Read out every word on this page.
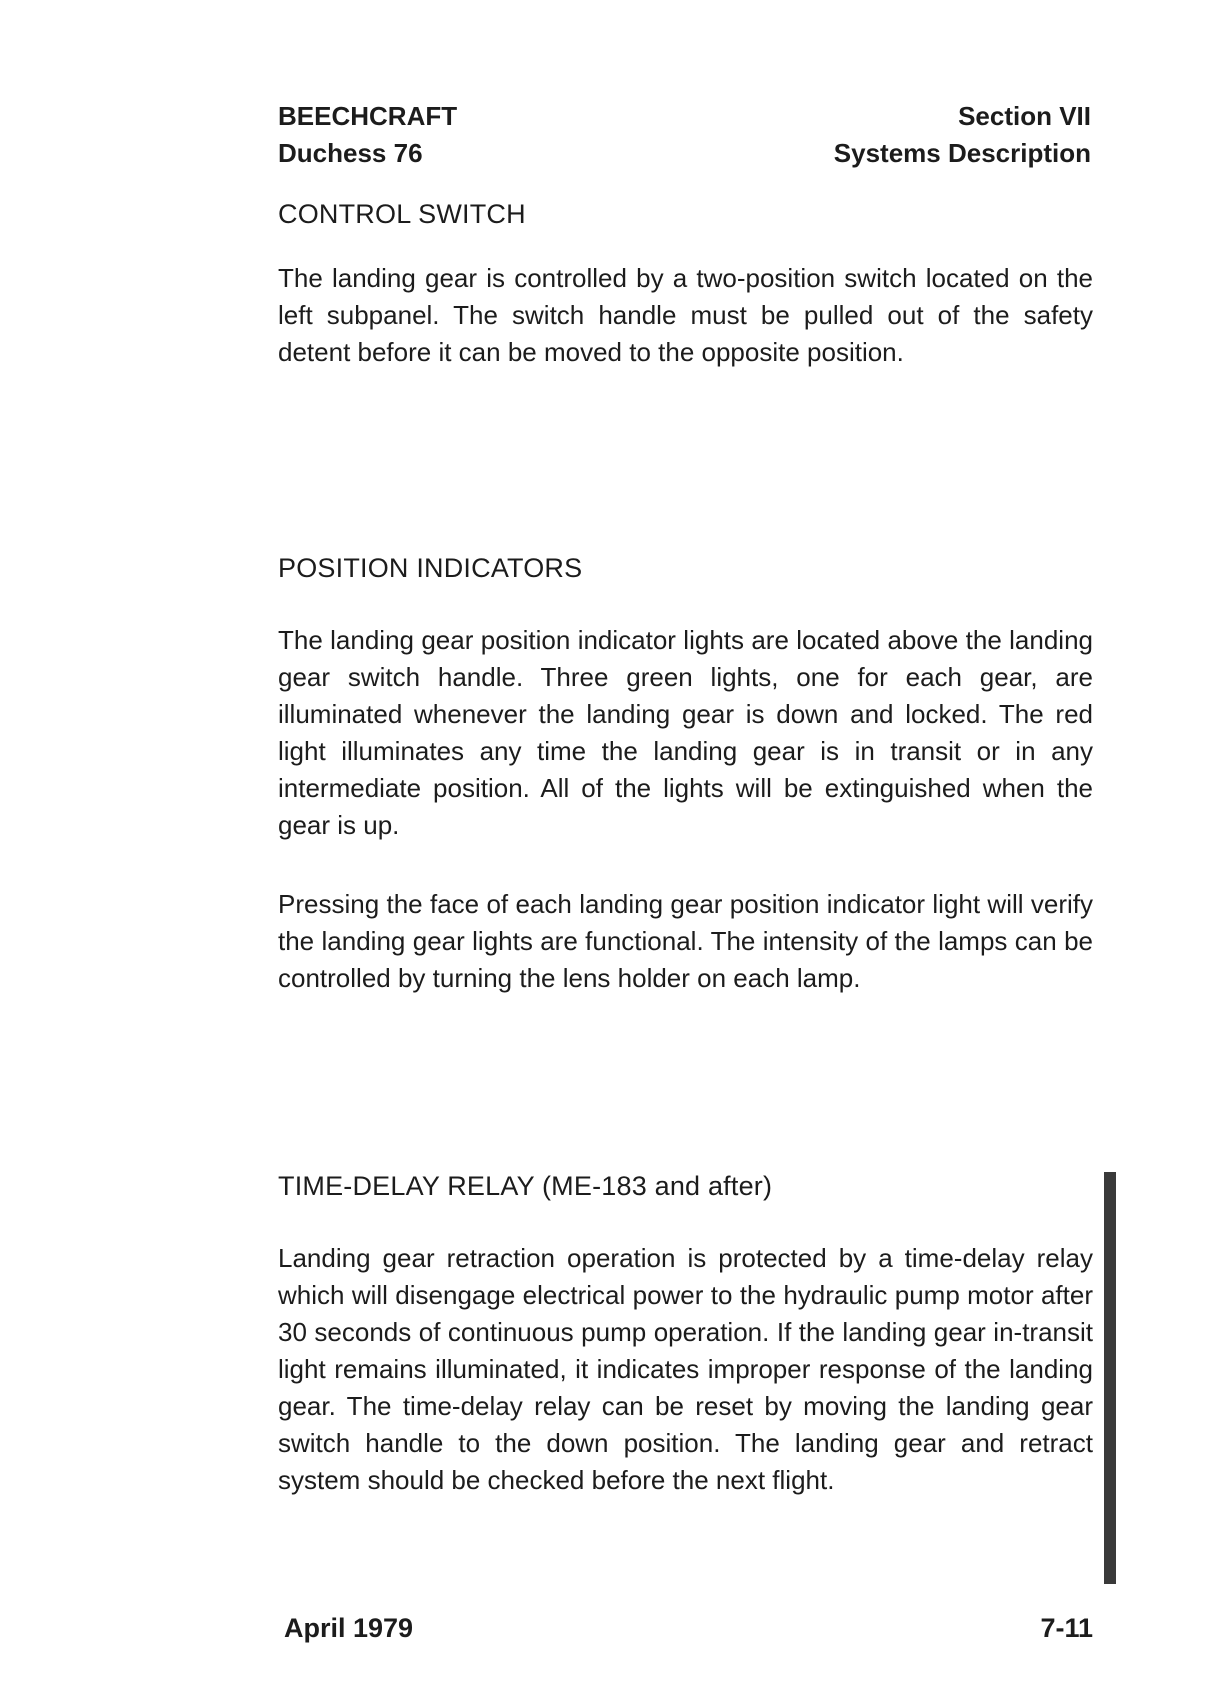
BEECHCRAFT
Duchess 76
Section VII
Systems Description
CONTROL SWITCH

The landing gear is controlled by a two-position switch located on the left subpanel. The switch handle must be pulled out of the safety detent before it can be moved to the opposite position.

POSITION INDICATORS

The landing gear position indicator lights are located above the landing gear switch handle. Three green lights, one for each gear, are illuminated whenever the landing gear is down and locked. The red light illuminates any time the landing gear is in transit or in any intermediate position. All of the lights will be extinguished when the gear is up.

Pressing the face of each landing gear position indicator light will verify the landing gear lights are functional. The intensity of the lamps can be controlled by turning the lens holder on each lamp.

TIME-DELAY RELAY (ME-183 and after)

Landing gear retraction operation is protected by a time-delay relay which will disengage electrical power to the hydraulic pump motor after 30 seconds of continuous pump operation. If the landing gear in-transit light remains illuminated, it indicates improper response of the landing gear. The time-delay relay can be reset by moving the landing gear switch handle to the down position. The landing gear and retract system should be checked before the next flight.

April 1979	7-11
